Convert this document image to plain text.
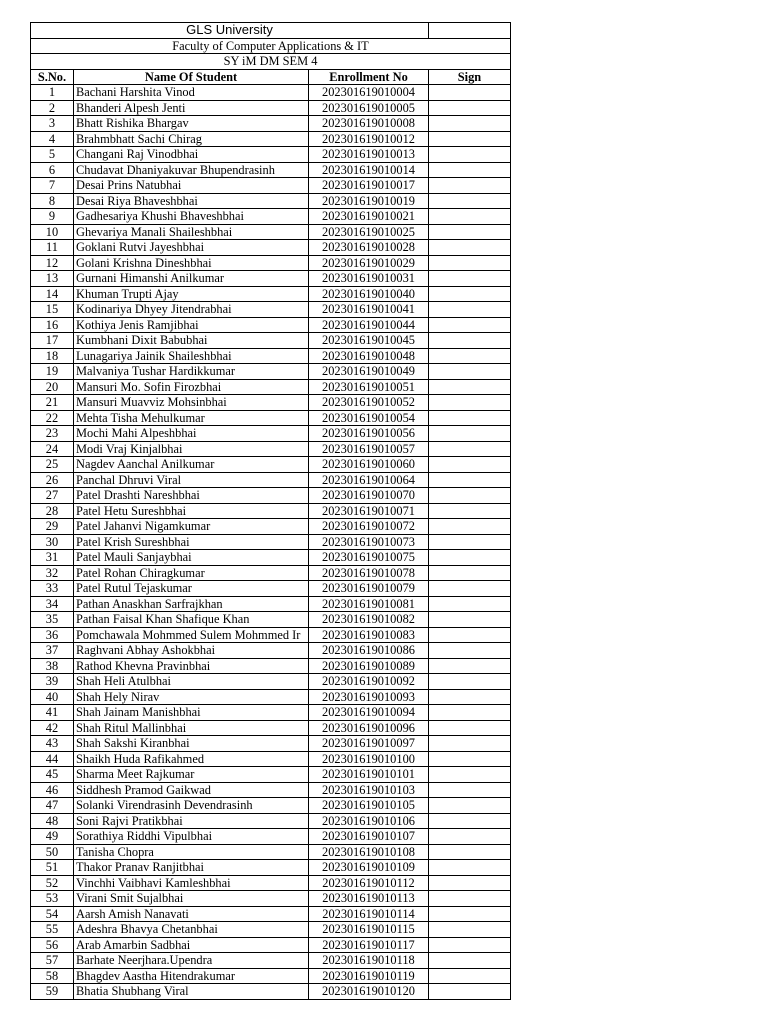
GLS University			
Faculty of Computer Applications & IT			
SY iM DM SEM 4			
S.No.	Name Of Student	Enrollment No	Sign
1	Bachani Harshita Vinod	202301619010004	
2	Bhanderi Alpesh Jenti	202301619010005	
3	Bhatt Rishika Bhargav	202301619010008	
4	Brahmbhatt Sachi Chirag	202301619010012	
5	Changani Raj Vinodbhai	202301619010013	
6	Chudavat Dhaniyakuvar Bhupendrasinh	202301619010014	
7	Desai Prins Natubhai	202301619010017	
8	Desai Riya Bhaveshbhai	202301619010019	
9	Gadhesariya Khushi Bhaveshbhai	202301619010021	
10	Ghevariya Manali Shaileshbhai	202301619010025	
11	Goklani Rutvi Jayeshbhai	202301619010028	
12	Golani Krishna Dineshbhai	202301619010029	
13	Gurnani Himanshi Anilkumar	202301619010031	
14	Khuman Trupti Ajay	202301619010040	
15	Kodinariya Dhyey Jitendrabhai	202301619010041	
16	Kothiya Jenis Ramjibhai	202301619010044	
17	Kumbhani Dixit Babubhai	202301619010045	
18	Lunagariya Jainik Shaileshbhai	202301619010048	
19	Malvaniya Tushar Hardikkumar	202301619010049	
20	Mansuri Mo. Sofin Firozbhai	202301619010051	
21	Mansuri Muavviz Mohsinbhai	202301619010052	
22	Mehta Tisha Mehulkumar	202301619010054	
23	Mochi Mahi Alpeshbhai	202301619010056	
24	Modi Vraj Kinjalbhai	202301619010057	
25	Nagdev Aanchal Anilkumar	202301619010060	
26	Panchal Dhruvi Viral	202301619010064	
27	Patel Drashti Nareshbhai	202301619010070	
28	Patel Hetu Sureshbhai	202301619010071	
29	Patel Jahanvi Nigamkumar	202301619010072	
30	Patel Krish Sureshbhai	202301619010073	
31	Patel Mauli Sanjaybhai	202301619010075	
32	Patel Rohan Chiragkumar	202301619010078	
33	Patel Rutul Tejaskumar	202301619010079	
34	Pathan Anaskhan Sarfrajkhan	202301619010081	
35	Pathan Faisal Khan Shafique Khan	202301619010082	
36	Pomchawala Mohmmed Sulem Mohmmed Ir	202301619010083	
37	Raghvani Abhay Ashokbhai	202301619010086	
38	Rathod Khevna Pravinbhai	202301619010089	
39	Shah Heli Atulbhai	202301619010092	
40	Shah Hely Nirav	202301619010093	
41	Shah Jainam Manishbhai	202301619010094	
42	Shah Ritul Mallinbhai	202301619010096	
43	Shah Sakshi Kiranbhai	202301619010097	
44	Shaikh Huda Rafikahmed	202301619010100	
45	Sharma Meet Rajkumar	202301619010101	
46	Siddhesh Pramod Gaikwad	202301619010103	
47	Solanki Virendrasinh Devendrasinh	202301619010105	
48	Soni Rajvi Pratikbhai	202301619010106	
49	Sorathiya Riddhi Vipulbhai	202301619010107	
50	Tanisha Chopra	202301619010108	
51	Thakor Pranav Ranjitbhai	202301619010109	
52	Vinchhi Vaibhavi Kamleshbhai	202301619010112	
53	Virani Smit Sujalbhai	202301619010113	
54	Aarsh Amish Nanavati	202301619010114	
55	Adeshra Bhavya Chetanbhai	202301619010115	
56	Arab Amarbin Sadbhai	202301619010117	
57	Barhate Neerjhara.Upendra	202301619010118	
58	Bhagdev Aastha Hitendrakumar	202301619010119	
59	Bhatia Shubhang Viral	202301619010120	
